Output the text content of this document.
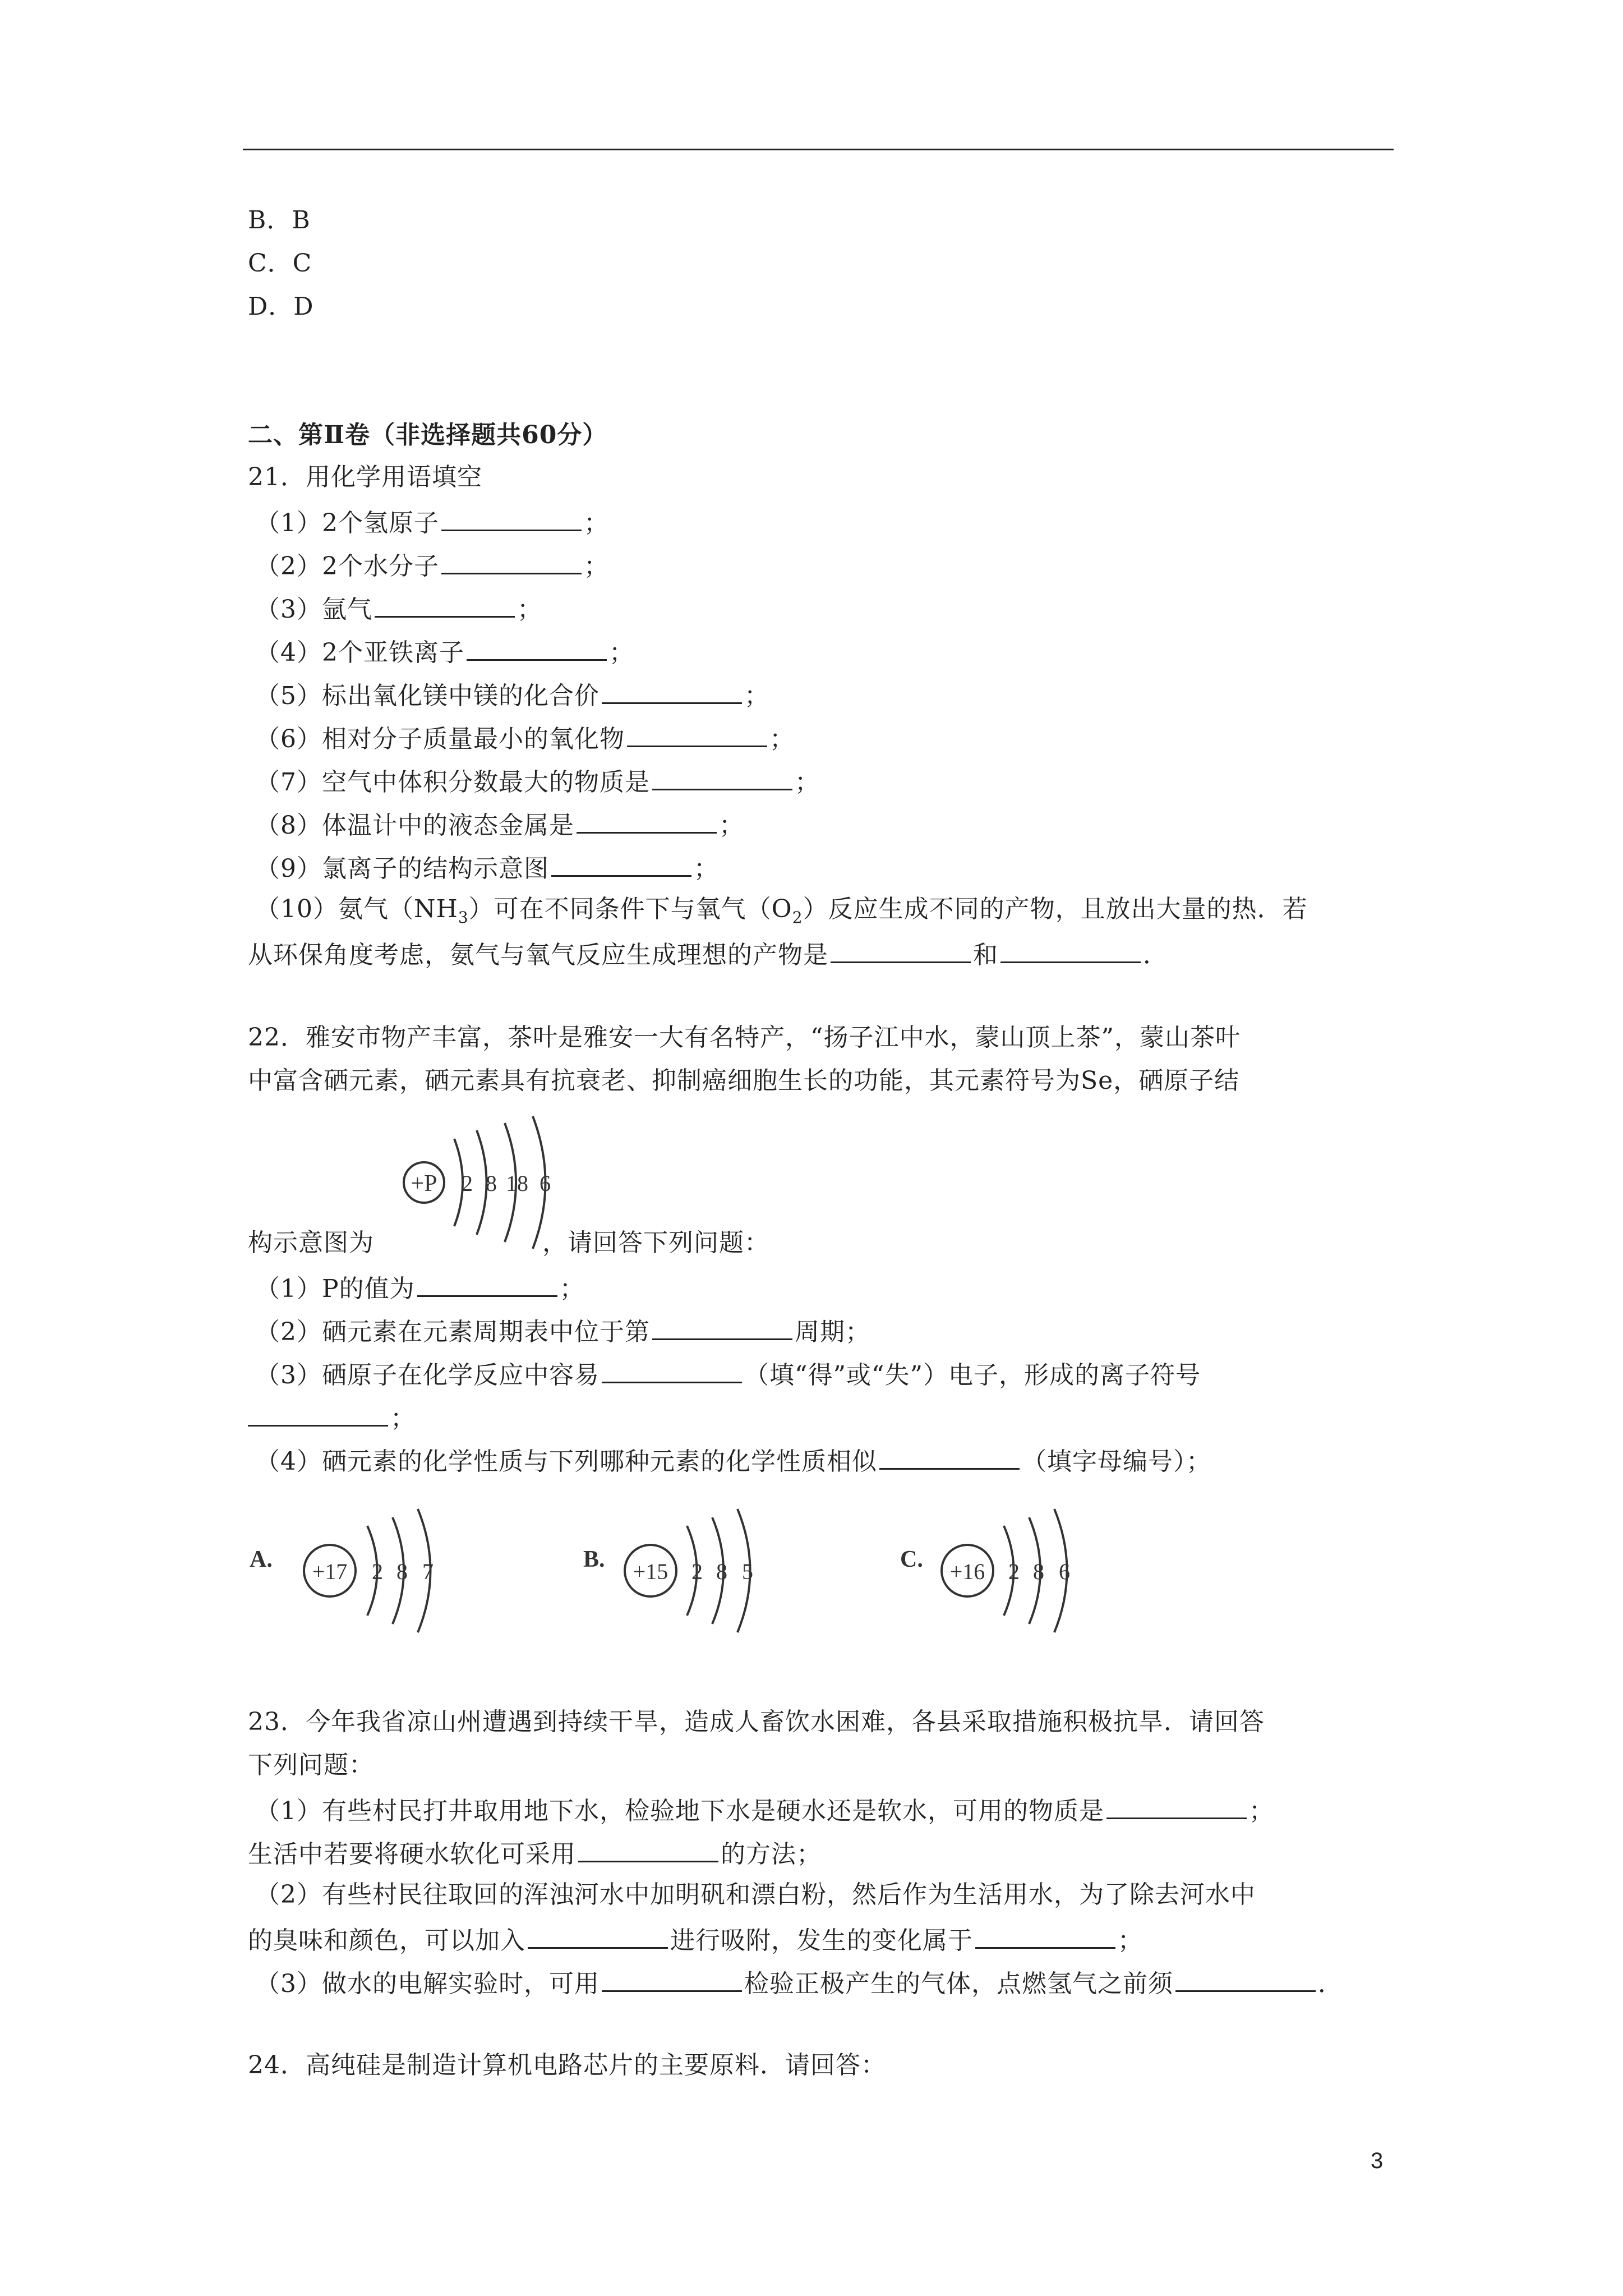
B．B
C．C
D．D
二、第Ⅱ卷（非选择题共60分）
21．用化学用语填空
（1）2个氢原子	；
（2）2个水分子	；
（3）氩气	；
（4）2个亚铁离子	；
（5）标出氧化镁中镁的化合价	；
（6）相对分子质量最小的氧化物	；
（7）空气中体积分数最大的物质是	；
（8）体温计中的液态金属是	；
（9）氯离子的结构示意图	；
（10）氨气$(NH_3)$可在不同条件下与氧气$(O_2)$反应生成不同的产物，且放出大量的热．若
从环保角度考虑，氨气与氧气反应生成理想的产物是	和	．
22．雅安市物产丰富，茶叶是雅安一大有名特产，“扬子江中水，蒙山顶上茶”，蒙山茶叶
中富含硒元素，硒元素具有抗衰老、抑制癌细胞生长的功能，其元素符号为Se，硒原子结
+P 2 8 18 6
构示意图为	，请回答下列问题：
（1）P的值为	；
（2）硒元素在元素周期表中位于第	周期；
（3）硒原子在化学反应中容易	（填“得”或“失”）电子，形成的离子符号
；
（4）硒元素的化学性质与下列哪种元素的化学性质相似	（填字母编号）；
A. +17 2 8 7	B. +15 2 8 5	C. +16 2 8 6
23．今年我省凉山州遭遇到持续干旱，造成人畜饮水困难，各县采取措施积极抗旱．请回答
下列问题：
（1）有些村民打井取用地下水，检验地下水是硬水还是软水，可用的物质是	；
生活中若要将硬水软化可采用	的方法；
（2）有些村民往取回的浑浊河水中加明矾和漂白粉，然后作为生活用水，为了除去河水中
的臭味和颜色，可以加入	进行吸附，发生的变化属于	；
（3）做水的电解实验时，可用	检验正极产生的气体，点燃氢气之前须	．
24．高纯硅是制造计算机电路芯片的主要原料．请回答：
3
